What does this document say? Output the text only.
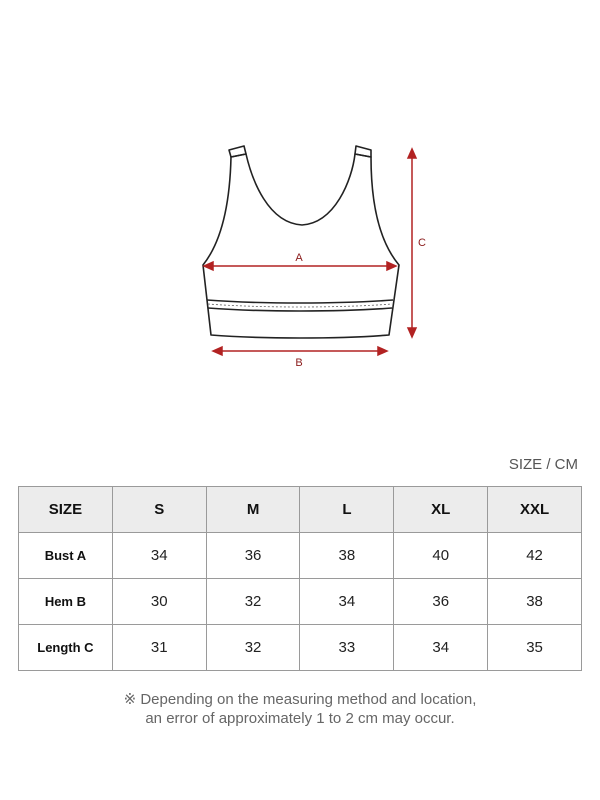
A
B
C
SIZE / CM
SIZE	S	M	L	XL	XXL
Bust A	34	36	38	40	42
Hem B	30	32	34	36	38
Length C	31	32	33	34	35
※ Depending on the measuring method and location,
an error of approximately 1 to 2 cm may occur.
